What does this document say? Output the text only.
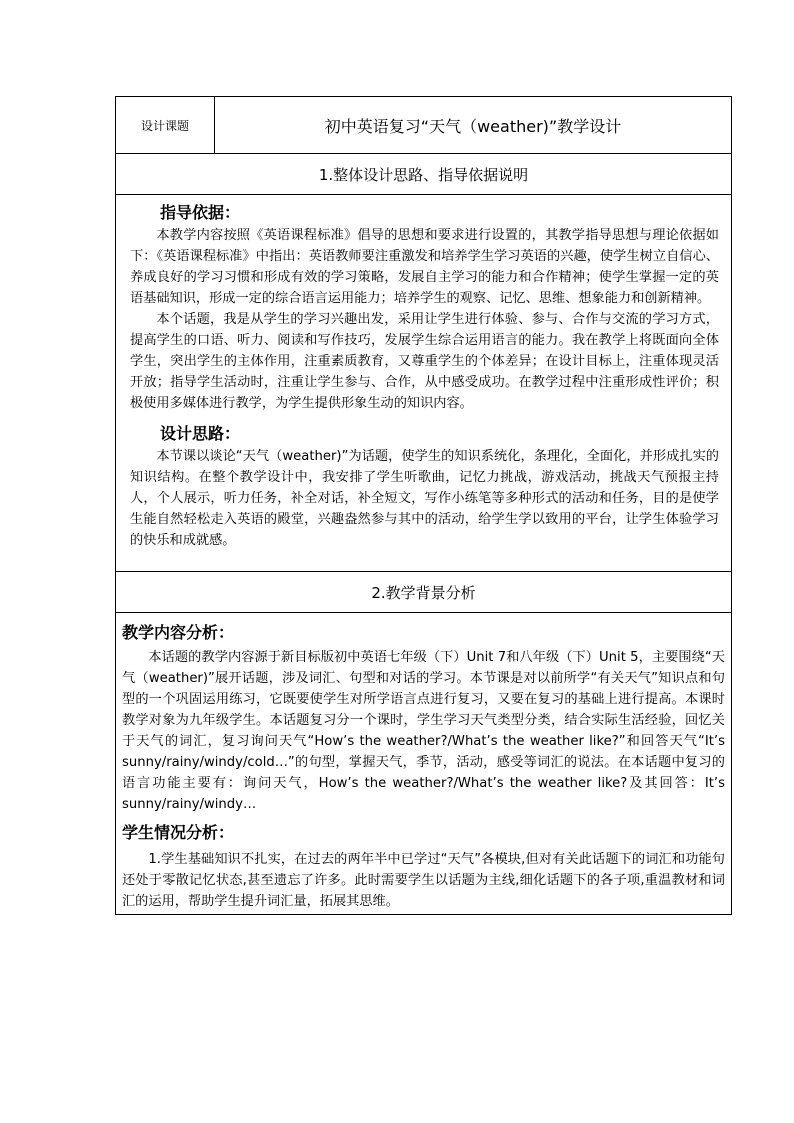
设计课题	初中英语复习“天气（weather)”教学设计
1.整体设计思路、指导依据说明

指导依据：

本教学内容按照《英语课程标准》倡导的思想和要求进行设置的，其教学指导思想与理论依据如下：《英语课程标准》中指出：英语教师要注重激发和培养学生学习英语的兴趣，使学生树立自信心、养成良好的学习习惯和形成有效的学习策略，发展自主学习的能力和合作精神；使学生掌握一定的英语基础知识，形成一定的综合语言运用能力；培养学生的观察、记忆、思维、想象能力和创新精神。

本个话题，我是从学生的学习兴趣出发，采用让学生进行体验、参与、合作与交流的学习方式，提高学生的口语、听力、阅读和写作技巧，发展学生综合运用语言的能力。我在教学上将既面向全体学生，突出学生的主体作用，注重素质教育，又尊重学生的个体差异；在设计目标上，注重体现灵活开放；指导学生活动时，注重让学生参与、合作，从中感受成功。在教学过程中注重形成性评价；积极使用多媒体进行教学，为学生提供形象生动的知识内容。

设计思路：

本节课以谈论“天气（weather)”为话题，使学生的知识系统化，条理化，全面化，并形成扎实的知识结构。在整个教学设计中，我安排了学生听歌曲，记忆力挑战，游戏活动，挑战天气预报主持人，个人展示，听力任务，补全对话，补全短文，写作小练笔等多种形式的活动和任务，目的是使学生能自然轻松走入英语的殿堂，兴趣盎然参与其中的活动，给学生学以致用的平台，让学生体验学习的快乐和成就感。

2.教学背景分析

教学内容分析：

本话题的教学内容源于新目标版初中英语七年级（下）Unit 7和八年级（下）Unit 5，主要围绕“天气（weather)”展开话题，涉及词汇、句型和对话的学习。本节课是对以前所学“有关天气”知识点和句型的一个巩固运用练习，它既要使学生对所学语言点进行复习，又要在复习的基础上进行提高。本课时教学对象为九年级学生。本话题复习分一个课时，学生学习天气类型分类，结合实际生活经验，回忆关于天气的词汇，复习询问天气“How’s the weather?/What’s the weather like?”和回答天气“It’s sunny/rainy/windy/cold…”的句型，掌握天气，季节，活动，感受等词汇的说法。在本话题中复习的语言功能主要有：询问天气，How’s the weather?/What’s the weather like?及其回答：It’s sunny/rainy/windy…

学生情况分析：

1.学生基础知识不扎实，在过去的两年半中已学过“天气”各模块,但对有关此话题下的词汇和功能句还处于零散记忆状态,甚至遗忘了许多。此时需要学生以话题为主线,细化话题下的各子项,重温教材和词汇的运用，帮助学生提升词汇量，拓展其思维。
